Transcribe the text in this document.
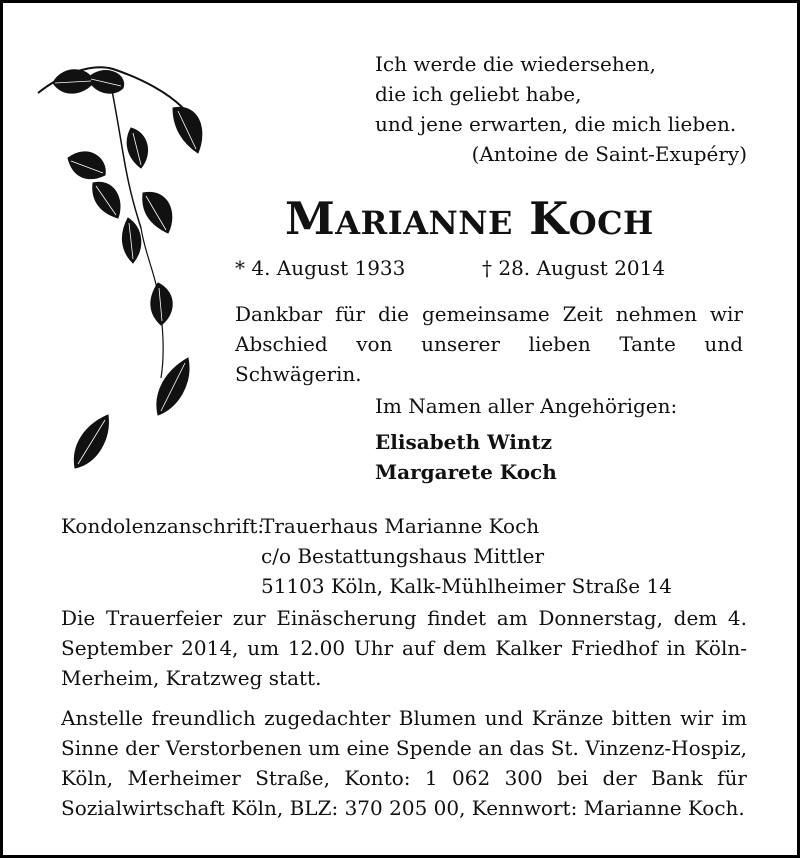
Ich werde die wiedersehen,
die ich geliebt habe,
und jene erwarten, die mich lieben.

(Antoine de Saint-Exupéry)
Marianne Koch
* 4. August 1933	† 28. August 2014
Dankbar für die gemeinsame Zeit nehmen wir Abschied von unserer lieben Tante und Schwägerin.
Im Namen aller Angehörigen:
Elisabeth Wintz
Margarete Koch
Kondolenzanschrift:
Trauerhaus Marianne Koch
c/o Bestattungshaus Mittler
51103 Köln, Kalk-Mühlheimer Straße 14
Die Trauerfeier zur Einäscherung findet am Donnerstag, dem 4. September 2014, um 12.00 Uhr auf dem Kalker Friedhof in Köln-Merheim, Kratzweg statt.
Anstelle freundlich zugedachter Blumen und Kränze bitten wir im Sinne der Verstorbenen um eine Spende an das St. Vinzenz-Hospiz, Köln, Merheimer Straße, Konto: 1 062 300 bei der Bank für Sozialwirtschaft Köln, BLZ: 370 205 00, Kennwort: Marianne Koch.
